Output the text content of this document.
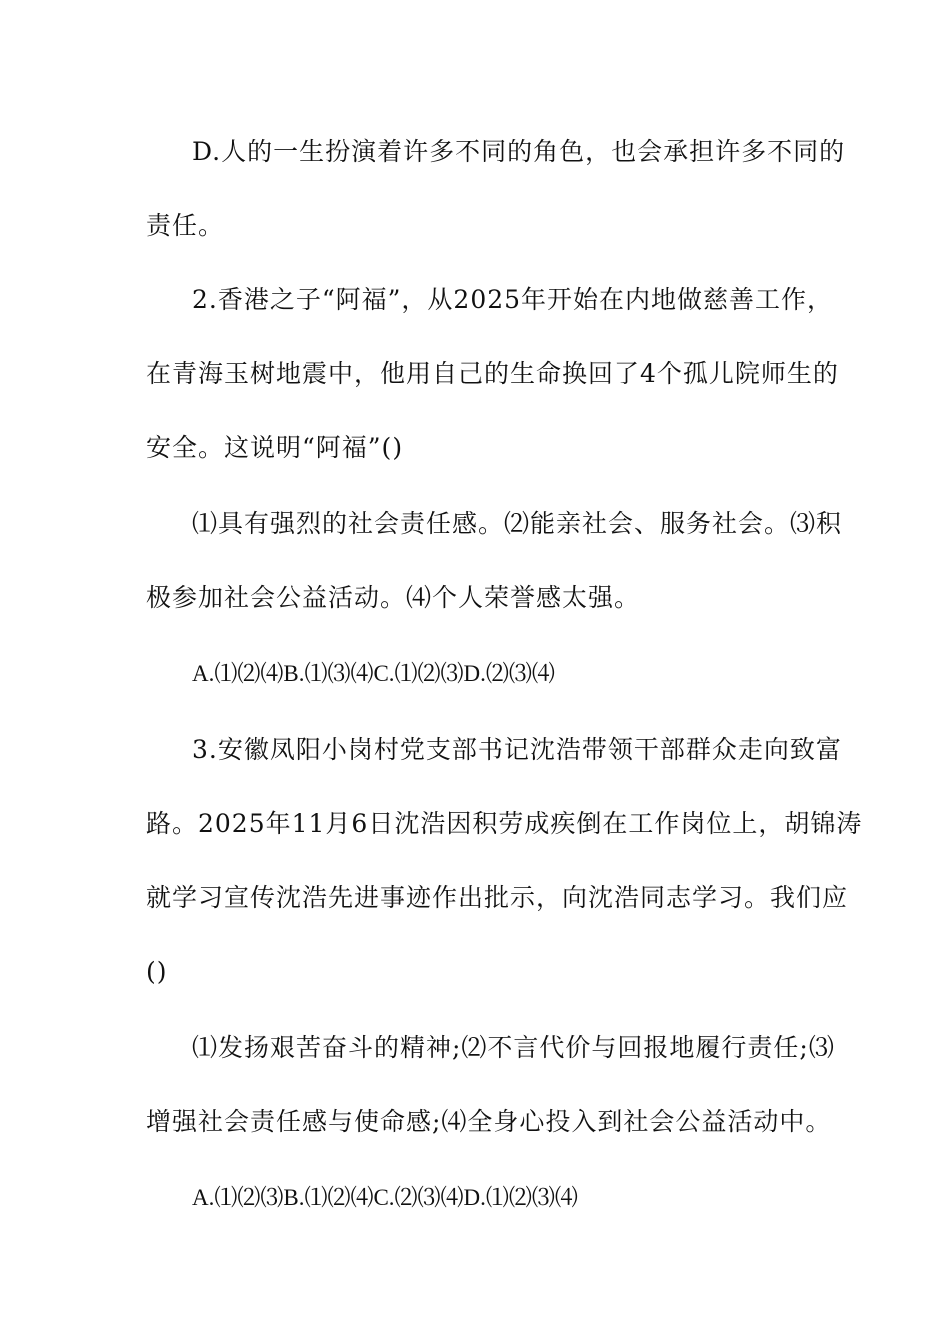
D.人的一生扮演着许多不同的角色，也会承担许多不同的

责任。

2.香港之子“阿福”，从2025年开始在内地做慈善工作，

在青海玉树地震中，他用自己的生命换回了4个孤儿院师生的

安全。这说明“阿福”()

⑴具有强烈的社会责任感。⑵能亲社会、服务社会。⑶积

极参加社会公益活动。⑷个人荣誉感太强。

A.⑴⑵⑷B.⑴⑶⑷C.⑴⑵⑶D.⑵⑶⑷

3.安徽凤阳小岗村党支部书记沈浩带领干部群众走向致富

路。2025年11月6日沈浩因积劳成疾倒在工作岗位上，胡锦涛

就学习宣传沈浩先进事迹作出批示，向沈浩同志学习。我们应

()

⑴发扬艰苦奋斗的精神;⑵不言代价与回报地履行责任;⑶

增强社会责任感与使命感;⑷全身心投入到社会公益活动中。

A.⑴⑵⑶B.⑴⑵⑷C.⑵⑶⑷D.⑴⑵⑶⑷
